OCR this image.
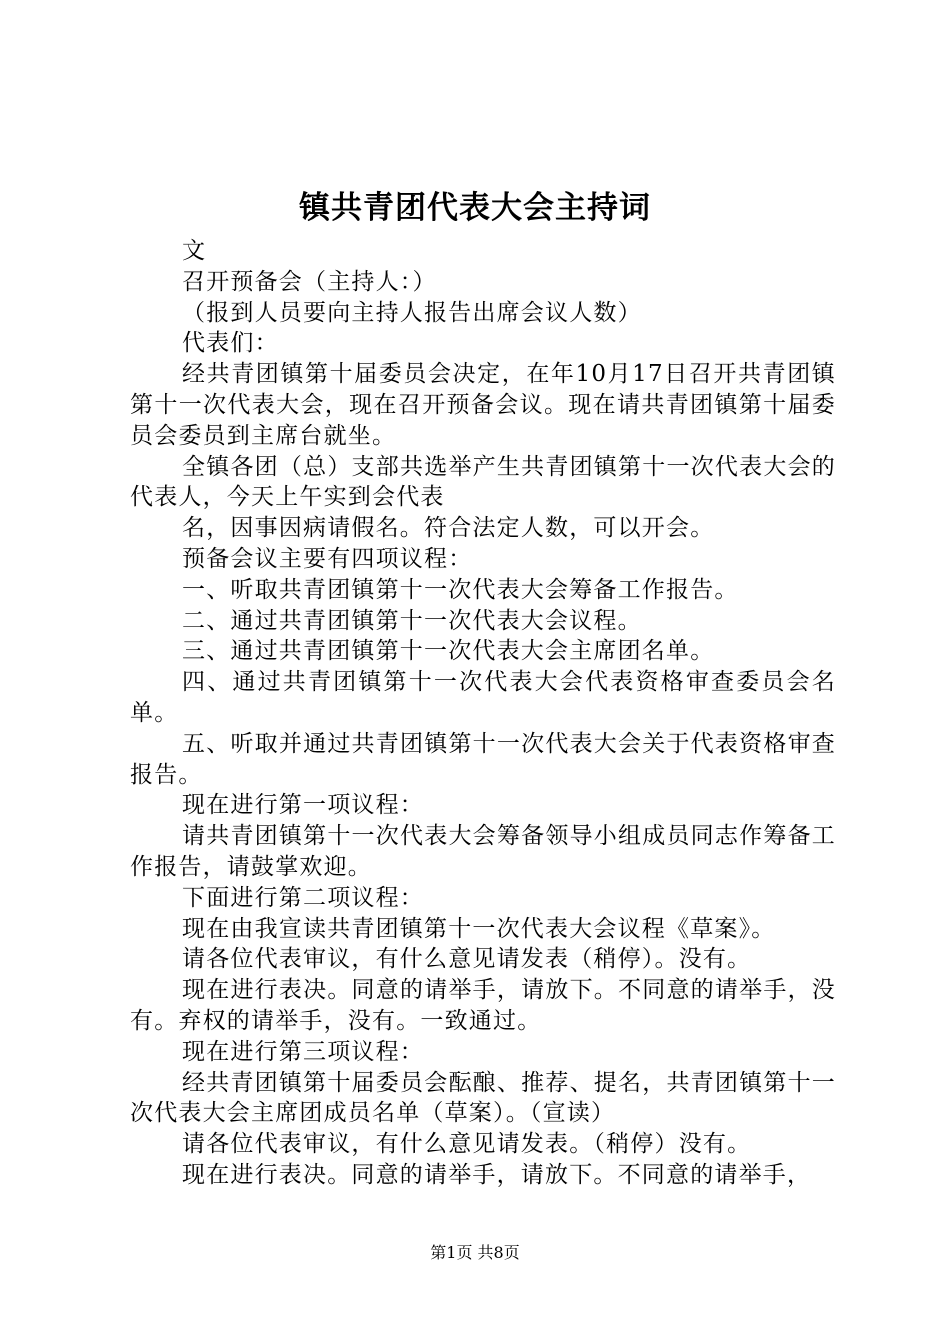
镇共青团代表大会主持词

文

召开预备会（主持人：）

（报到人员要向主持人报告出席会议人数）

代表们：

经共青团镇第十届委员会决定，在年10月17日召开共青团镇第十一次代表大会，现在召开预备会议。现在请共青团镇第十届委员会委员到主席台就坐。

全镇各团（总）支部共选举产生共青团镇第十一次代表大会的代表人，今天上午实到会代表

名，因事因病请假名。符合法定人数，可以开会。

预备会议主要有四项议程：

一、听取共青团镇第十一次代表大会筹备工作报告。

二、通过共青团镇第十一次代表大会议程。

三、通过共青团镇第十一次代表大会主席团名单。

四、通过共青团镇第十一次代表大会代表资格审查委员会名单。

五、听取并通过共青团镇第十一次代表大会关于代表资格审查报告。

现在进行第一项议程：

请共青团镇第十一次代表大会筹备领导小组成员同志作筹备工作报告，请鼓掌欢迎。

下面进行第二项议程：

现在由我宣读共青团镇第十一次代表大会议程《草案》。

请各位代表审议，有什么意见请发表（稍停）。没有。

现在进行表决。同意的请举手，请放下。不同意的请举手，没有。弃权的请举手，没有。一致通过。

现在进行第三项议程：

经共青团镇第十届委员会酝酿、推荐、提名，共青团镇第十一次代表大会主席团成员名单（草案）。（宣读）

请各位代表审议，有什么意见请发表。（稍停）没有。

现在进行表决。同意的请举手，请放下。不同意的请举手，

第1页 共8页
